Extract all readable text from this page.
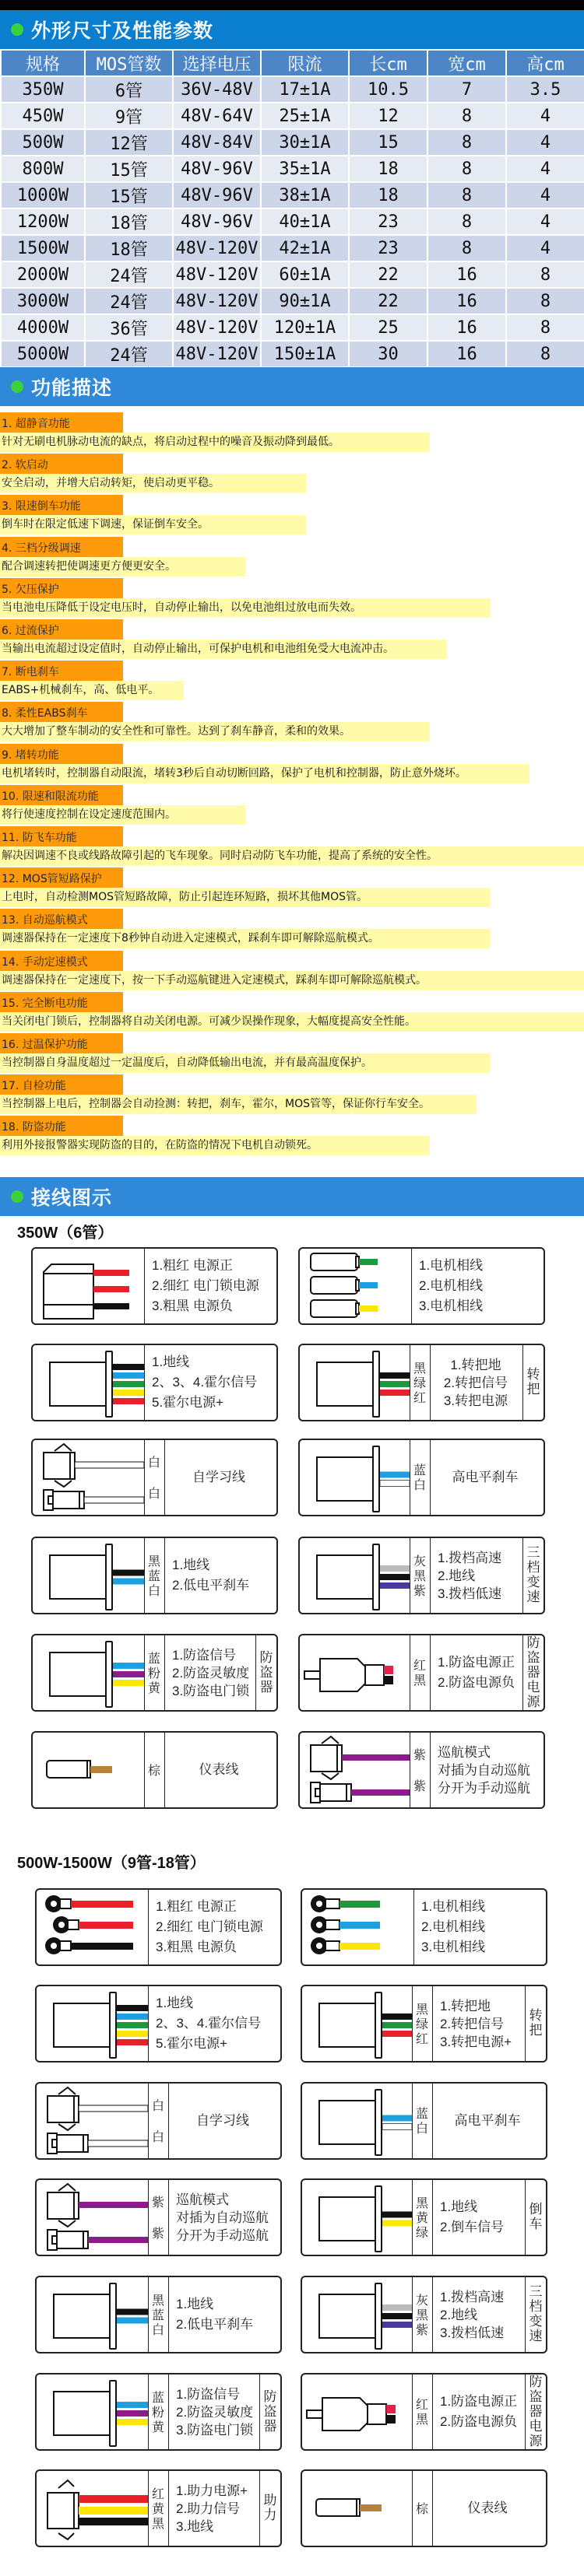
外形尺寸及性能参数
规格	MOS管数	选择电压	限流	长cm	宽cm	高cm
350W	6管	36V-48V	17±1A	10.5	7	3.5
450W	9管	48V-64V	25±1A	12	8	4
500W	12管	48V-84V	30±1A	15	8	4
800W	15管	48V-96V	35±1A	18	8	4
1000W	15管	48V-96V	38±1A	18	8	4
1200W	18管	48V-96V	40±1A	23	8	4
1500W	18管	48V-120V	42±1A	23	8	4
2000W	24管	48V-120V	60±1A	22	16	8
3000W	24管	48V-120V	90±1A	22	16	8
4000W	36管	48V-120V	120±1A	25	16	8
5000W	24管	48V-120V	150±1A	30	16	8
功能描述
1. 超静音功能
针对无刷电机脉动电流的缺点，将启动过程中的噪音及振动降到最低。
2. 软启动
安全启动，并增大启动转矩，使启动更平稳。
3. 限速倒车功能
倒车时在限定低速下调速，保证倒车安全。
4. 三档分级调速
配合调速转把使调速更方便更安全。
5. 欠压保护
当电池电压降低于设定电压时，自动停止输出，以免电池组过放电而失效。
6. 过流保护
当输出电流超过设定值时，自动停止输出，可保护电机和电池组免受大电流冲击。
7. 断电刹车
EABS+机械刹车，高、低电平。
8. 柔性EABS刹车
大大增加了整车制动的安全性和可靠性。达到了刹车静音，柔和的效果。
9. 堵转功能
电机堵转时，控制器自动限流，堵转3秒后自动切断回路，保护了电机和控制器，防止意外烧坏。
10. 限速和限流功能
将行使速度控制在设定速度范围内。
11. 防飞车功能
解决因调速不良或线路故障引起的飞车现象。同时启动防飞车功能，提高了系统的安全性。
12. MOS管短路保护
上电时，自动检测MOS管短路故障，防止引起连环短路，损坏其他MOS管。
13. 自动巡航模式
调速器保持在一定速度下8秒钟自动进入定速模式，踩刹车即可解除巡航模式。
14. 手动定速模式
调速器保持在一定速度下，按一下手动巡航键进入定速模式，踩刹车即可解除巡航模式。
15. 完全断电功能
当关闭电门锁后，控制器将自动关闭电源。可减少误操作现象，大幅度提高安全性能。
16. 过温保护功能
当控制器自身温度超过一定温度后，自动降低输出电流，并有最高温度保护。
17. 自检功能
当控制器上电后，控制器会自动捡测：转把，刹车，霍尔，MOS管等，保证你行车安全。
18. 防盗功能
利用外接报警器实现防盗的目的，在防盗的情况下电机自动锁死。
接线图示
350W（6管）
500W-1500W（9管-18管）
1.粗红 电源正
2.细红 电门锁电源
3.粗黑 电源负
1.电机相线
2.电机相线
3.电机相线
1.地线
2、3、4.霍尔信号
5.霍尔电源+
黑
绿
红
1.转把地
2.转把信号
3.转把电源
转
把
白
白
自学习线	蓝
白
高电平刹车
黑
蓝
白
1.地线
2.低电平刹车
灰
黑
紫
1.拨档高速
2.地线
3.拨档低速
三
档
变
速
蓝
粉
黄
1.防盗信号
2.防盗灵敏度
3.防盗电门锁
防
盗
器
红
黑
1.防盗电源正
2.防盗电源负
防
盗
器
电
源
棕	仪表线
紫
紫
巡航模式
对插为自动巡航
分开为手动巡航
1.粗红 电源正
2.细红 电门锁电源
3.粗黑 电源负
1.电机相线
2.电机相线
3.电机相线
1.地线
2、3、4.霍尔信号
5.霍尔电源+
黑
绿
红
1.转把地
2.转把信号
3.转把电源+
转
把
白
白
自学习线	蓝
白
高电平刹车
紫
紫
巡航模式
对插为自动巡航
分开为手动巡航
黑
黄
绿
1.地线
2.倒车信号
倒
车
黑
蓝
白
1.地线
2.低电平刹车
灰
黑
紫
1.拨档高速
2.地线
3.拨档低速
三
档
变
速
蓝
粉
黄
1.防盗信号
2.防盗灵敏度
3.防盗电门锁
防
盗
器
红
黑
1.防盗电源正
2.防盗电源负
防
盗
器
电
源
红
黄
黑
1.助力电源+
2.助力信号
3.地线
助
力	棕	仪表线
